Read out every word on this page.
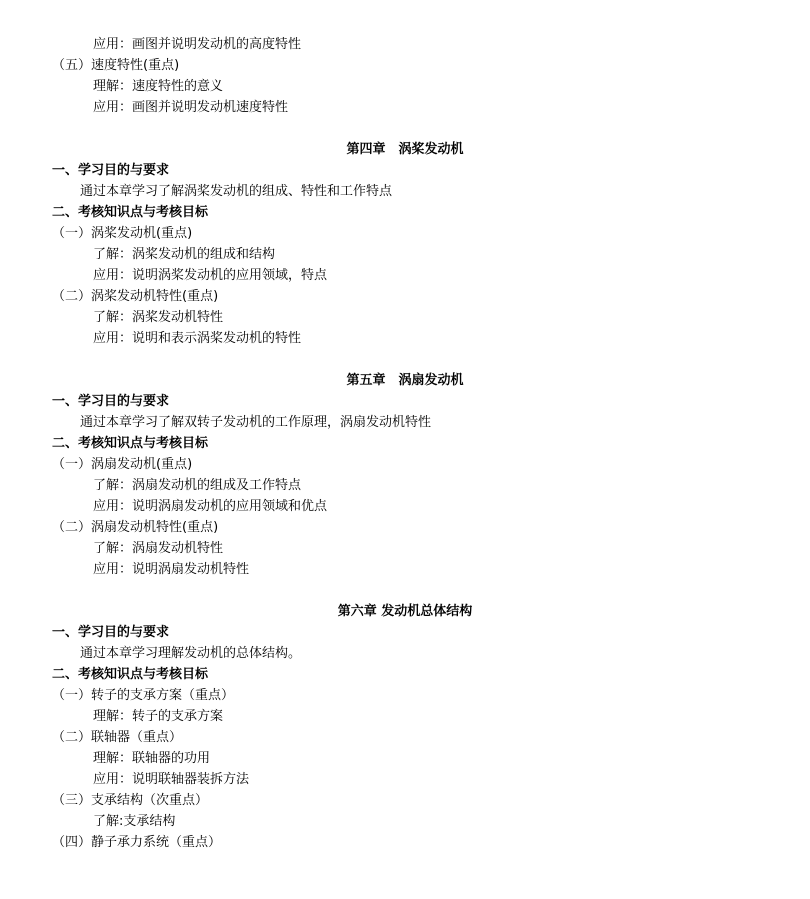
应用：画图并说明发动机的高度特性
（五）速度特性(重点)
理解：速度特性的意义
应用：画图并说明发动机速度特性
第四章　涡桨发动机
一、学习目的与要求
通过本章学习了解涡桨发动机的组成、特性和工作特点
二、考核知识点与考核目标
（一）涡桨发动机(重点)
了解：涡桨发动机的组成和结构
应用：说明涡桨发动机的应用领域，特点
（二）涡桨发动机特性(重点)
了解：涡桨发动机特性
应用：说明和表示涡桨发动机的特性
第五章　涡扇发动机
一、学习目的与要求
通过本章学习了解双转子发动机的工作原理，涡扇发动机特性
二、考核知识点与考核目标
（一）涡扇发动机(重点)
了解：涡扇发动机的组成及工作特点
应用：说明涡扇发动机的应用领域和优点
（二）涡扇发动机特性(重点)
了解：涡扇发动机特性
应用：说明涡扇发动机特性
第六章 发动机总体结构
一、学习目的与要求
通过本章学习理解发动机的总体结构。
二、考核知识点与考核目标
（一）转子的支承方案（重点）
理解：转子的支承方案
（二）联轴器（重点）
理解：联轴器的功用
应用：说明联轴器装拆方法
（三）支承结构（次重点）
了解:支承结构
（四）静子承力系统（重点）
